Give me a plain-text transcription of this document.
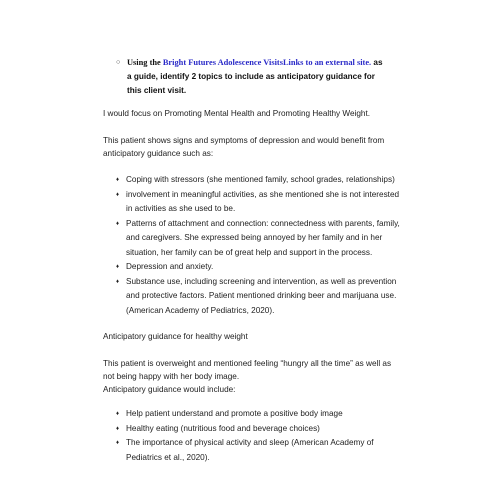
○ Using the Bright Futures Adolescence VisitsLinks to an external site. as a guide, identify 2 topics to include as anticipatory guidance for this client visit.

I would focus on Promoting Mental Health and Promoting Healthy Weight.

This patient shows signs and symptoms of depression and would benefit from anticipatory guidance such as:

♦ Coping with stressors (she mentioned family, school grades, relationships)
♦ involvement in meaningful activities, as she mentioned she is not interested in activities as she used to be.
♦ Patterns of attachment and connection: connectedness with parents, family, and caregivers. She expressed being annoyed by her family and in her situation, her family can be of great help and support in the process.
♦ Depression and anxiety.
♦ Substance use, including screening and intervention, as well as prevention and protective factors. Patient mentioned drinking beer and marijuana use. (American Academy of Pediatrics, 2020).

Anticipatory guidance for healthy weight

This patient is overweight and mentioned feeling “hungry all the time” as well as not being happy with her body image.

Anticipatory guidance would include:

♦ Help patient understand and promote a positive body image
♦ Healthy eating (nutritious food and beverage choices)
♦ The importance of physical activity and sleep (American Academy of Pediatrics et al., 2020).
